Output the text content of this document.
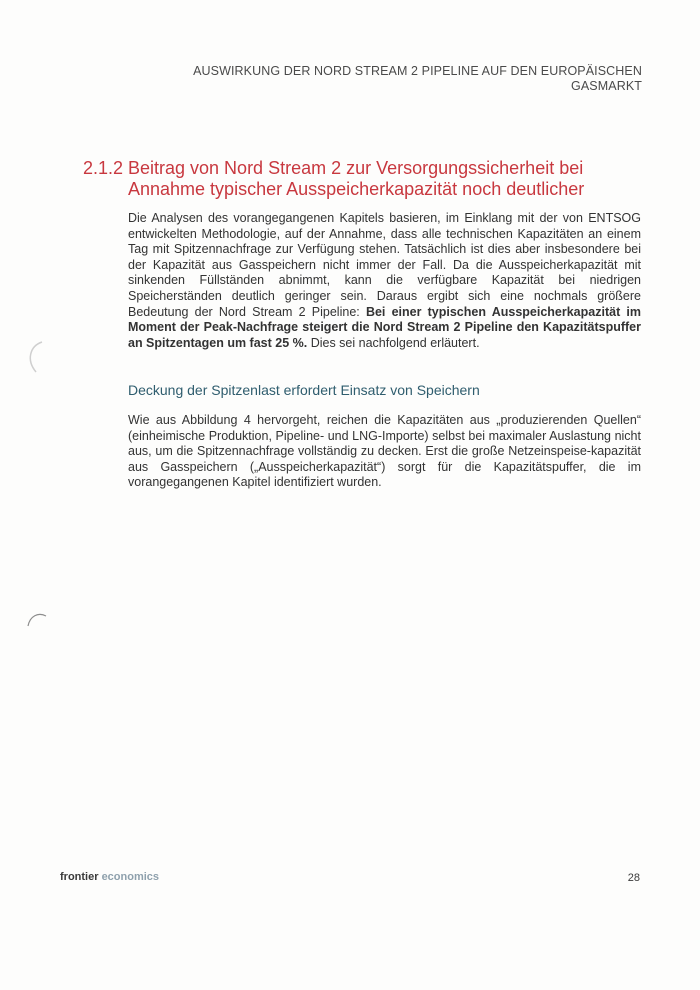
AUSWIRKUNG DER NORD STREAM 2 PIPELINE AUF DEN EUROPÄISCHEN
GASMARKT
2.1.2 Beitrag von Nord Stream 2 zur Versorgungssicherheit bei
Annahme typischer Ausspeicherkapazität noch deutlicher

Die Analysen des vorangegangenen Kapitels basieren, im Einklang mit der von ENTSOG entwickelten Methodologie, auf der Annahme, dass alle technischen Kapazitäten an einem Tag mit Spitzennachfrage zur Verfügung stehen. Tatsächlich ist dies aber insbesondere bei der Kapazität aus Gasspeichern nicht immer der Fall. Da die Ausspeicherkapazität mit sinkenden Füllständen abnimmt, kann die verfügbare Kapazität bei niedrigen Speicherständen deutlich geringer sein. Daraus ergibt sich eine nochmals größere Bedeutung der Nord Stream 2 Pipeline: Bei einer typischen Ausspeicherkapazität im Moment der Peak-Nachfrage steigert die Nord Stream 2 Pipeline den Kapazitätspuffer an Spitzentagen um fast 25 %. Dies sei nachfolgend erläutert.

Deckung der Spitzenlast erfordert Einsatz von Speichern

Wie aus Abbildung 4 hervorgeht, reichen die Kapazitäten aus „produzierenden Quellen“ (einheimische Produktion, Pipeline- und LNG-Importe) selbst bei maximaler Auslastung nicht aus, um die Spitzennachfrage vollständig zu decken. Erst die große Netzeinspeise-kapazität aus Gasspeichern („Ausspeicherkapazität“) sorgt für die Kapazitätspuffer, die im vorangegangenen Kapitel identifiziert wurden.

frontier economics	28
